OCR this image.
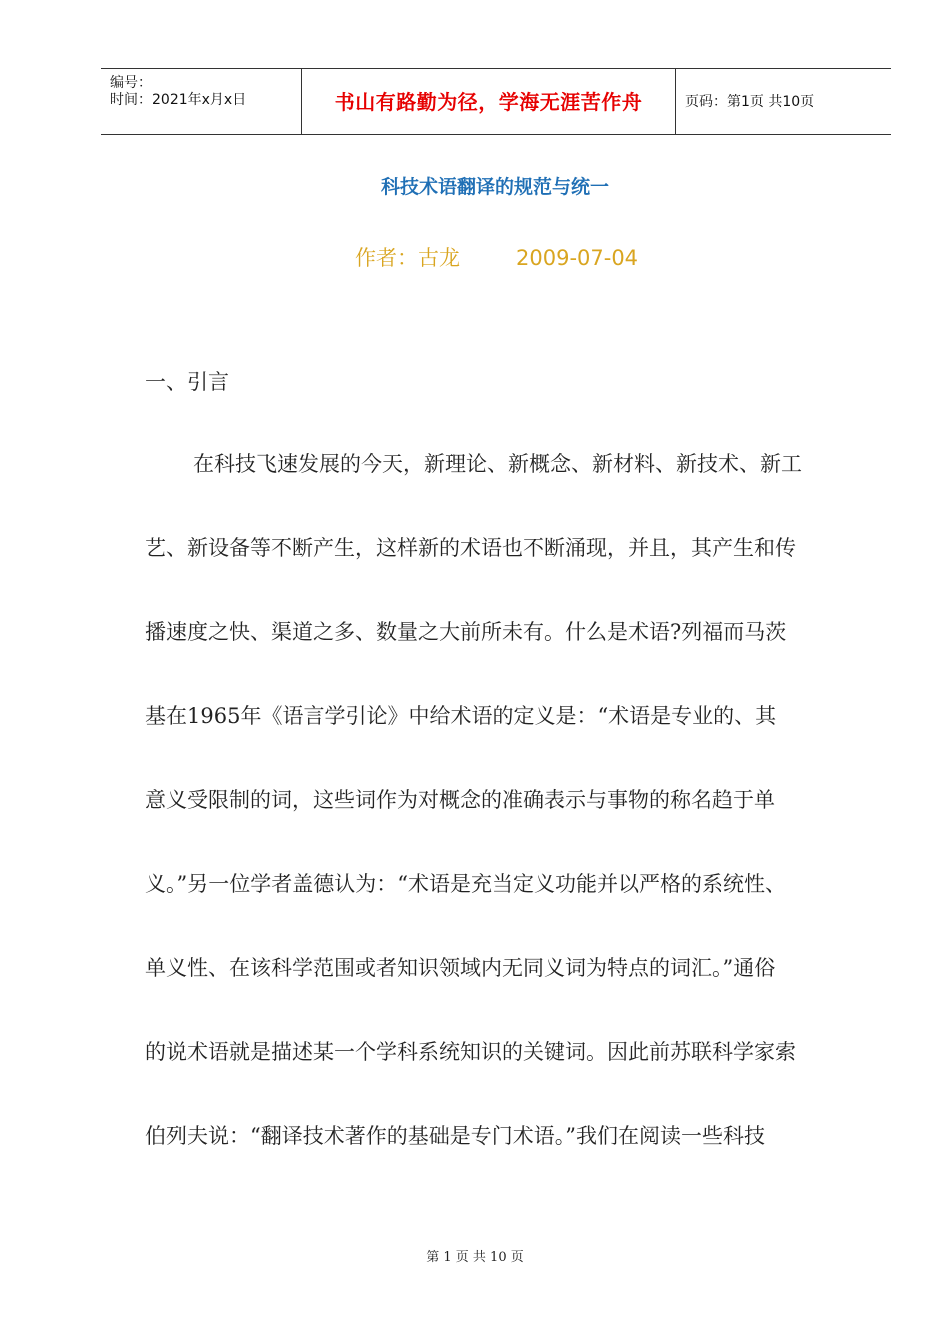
编号：
时间：2021年x月x日	书山有路勤为径，学海无涯苦作舟	页码：第1页 共10页
科技术语翻译的规范与统一
作者：古龙	2009-07-04
一、引言
在科技飞速发展的今天，新理论、新概念、新材料、新技术、新工
艺、新设备等不断产生，这样新的术语也不断涌现，并且，其产生和传
播速度之快、渠道之多、数量之大前所未有。什么是术语?列福而马茨
基在1965年《语言学引论》中给术语的定义是：“术语是专业的、其
意义受限制的词，这些词作为对概念的准确表示与事物的称名趋于单
义。”另一位学者盖德认为：“术语是充当定义功能并以严格的系统性、
单义性、在该科学范围或者知识领域内无同义词为特点的词汇。”通俗
的说术语就是描述某一个学科系统知识的关键词。因此前苏联科学家索
伯列夫说：“翻译技术著作的基础是专门术语。”我们在阅读一些科技
第 1 页 共 10 页
